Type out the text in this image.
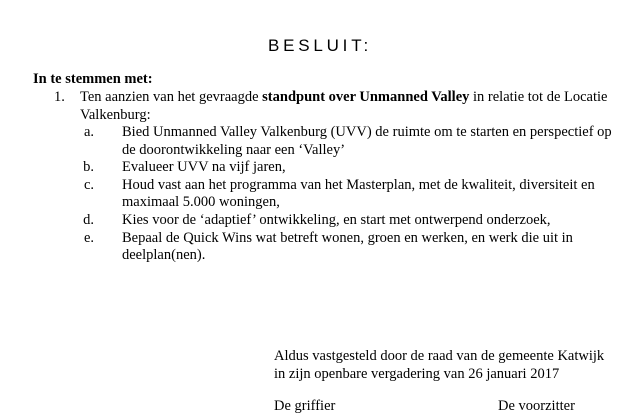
BESLUIT:
In te stemmen met:
1. Ten aanzien van het gevraagde standpunt over Unmanned Valley in relatie tot de Locatie Valkenburg:
a. Bied Unmanned Valley Valkenburg (UVV) de ruimte om te starten en perspectief op de doorontwikkeling naar een ‘Valley’
b. Evalueer UVV na vijf jaren,
c. Houd vast aan het programma van het Masterplan, met de kwaliteit, diversiteit en maximaal 5.000 woningen,
d. Kies voor de ‘adaptief’ ontwikkeling, en start met ontwerpend onderzoek,
e. Bepaal de Quick Wins wat betreft wonen, groen en werken, en werk die uit in deelplan(nen).
Aldus vastgesteld door de raad van de gemeente Katwijk
in zijn openbare vergadering van 26 januari 2017
De griffier	De voorzitter
